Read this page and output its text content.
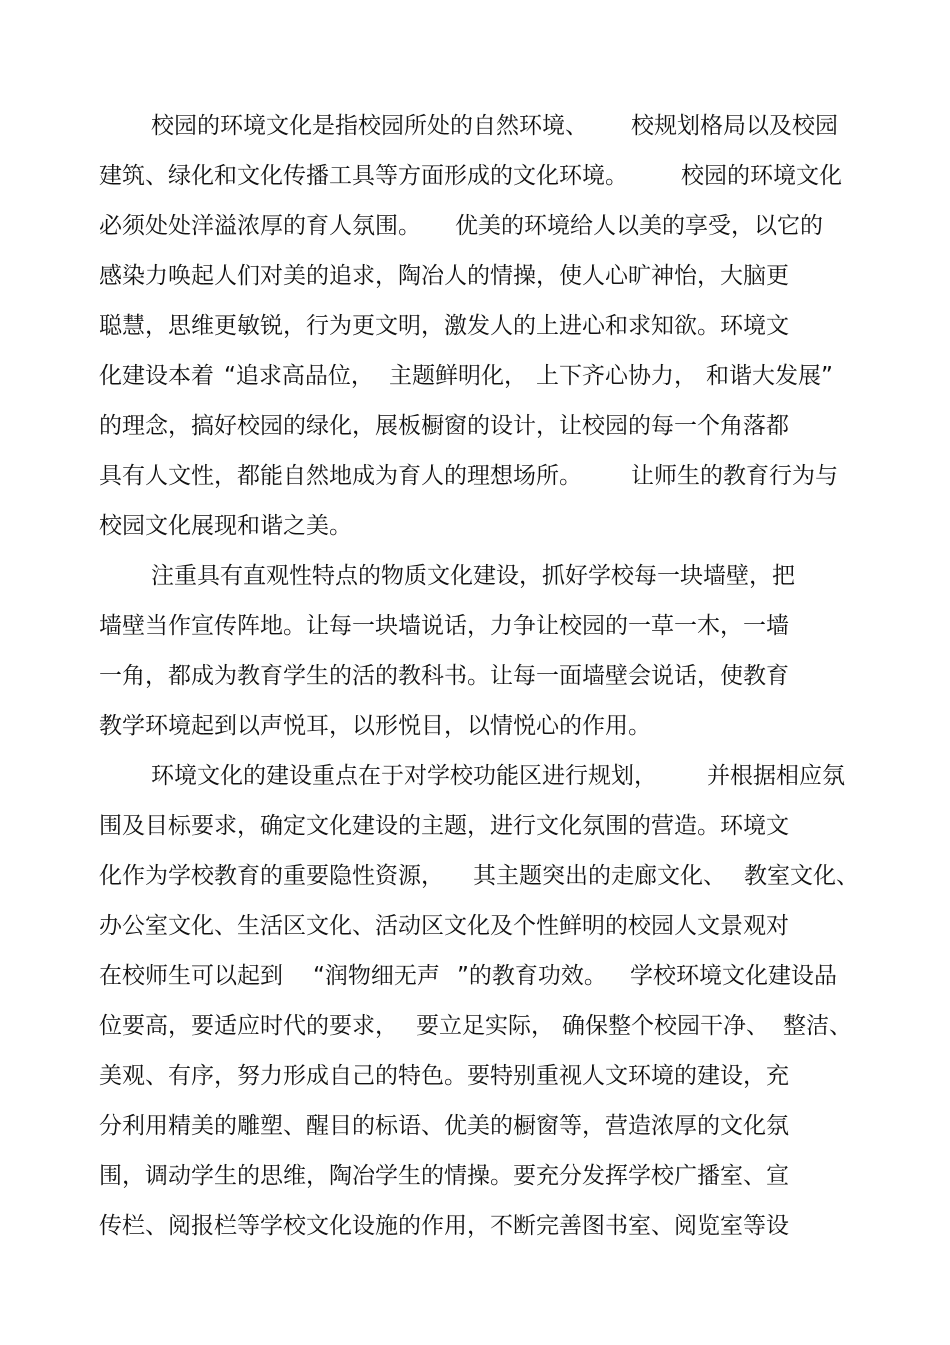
校园的环境文化是指校园所处的自然环境、 校规划格局以及校园

建筑、绿化和文化传播工具等方面形成的文化环境。 校园的环境文化

必须处处洋溢浓厚的育人氛围。 优美的环境给人以美的享受，以它的

感染力唤起人们对美的追求，陶冶人的情操，使人心旷神怡，大脑更

聪慧，思维更敏锐，行为更文明，激发人的上进心和求知欲。环境文

化建设本着 “追求高品位， 主题鲜明化， 上下齐心协力， 和谐大发展”

的理念，搞好校园的绿化，展板橱窗的设计，让校园的每一个角落都

具有人文性，都能自然地成为育人的理想场所。 让师生的教育行为与

校园文化展现和谐之美。

注重具有直观性特点的物质文化建设，抓好学校每一块墙壁，把

墙壁当作宣传阵地。让每一块墙说话，力争让校园的一草一木，一墙

一角，都成为教育学生的活的教科书。让每一面墙壁会说话，使教育

教学环境起到以声悦耳，以形悦目，以情悦心的作用。

环境文化的建设重点在于对学校功能区进行规划， 并根据相应氛

围及目标要求，确定文化建设的主题，进行文化氛围的营造。环境文

化作为学校教育的重要隐性资源， 其主题突出的走廊文化、 教室文化、

办公室文化、生活区文化、活动区文化及个性鲜明的校园人文景观对

在校师生可以起到 “润物细无声 ”的教育功效。 学校环境文化建设品

位要高，要适应时代的要求， 要立足实际， 确保整个校园干净、 整洁、

美观、有序，努力形成自己的特色。要特别重视人文环境的建设，充

分利用精美的雕塑、醒目的标语、优美的橱窗等，营造浓厚的文化氛

围，调动学生的思维，陶冶学生的情操。要充分发挥学校广播室、宣

传栏、阅报栏等学校文化设施的作用，不断完善图书室、阅览室等设
